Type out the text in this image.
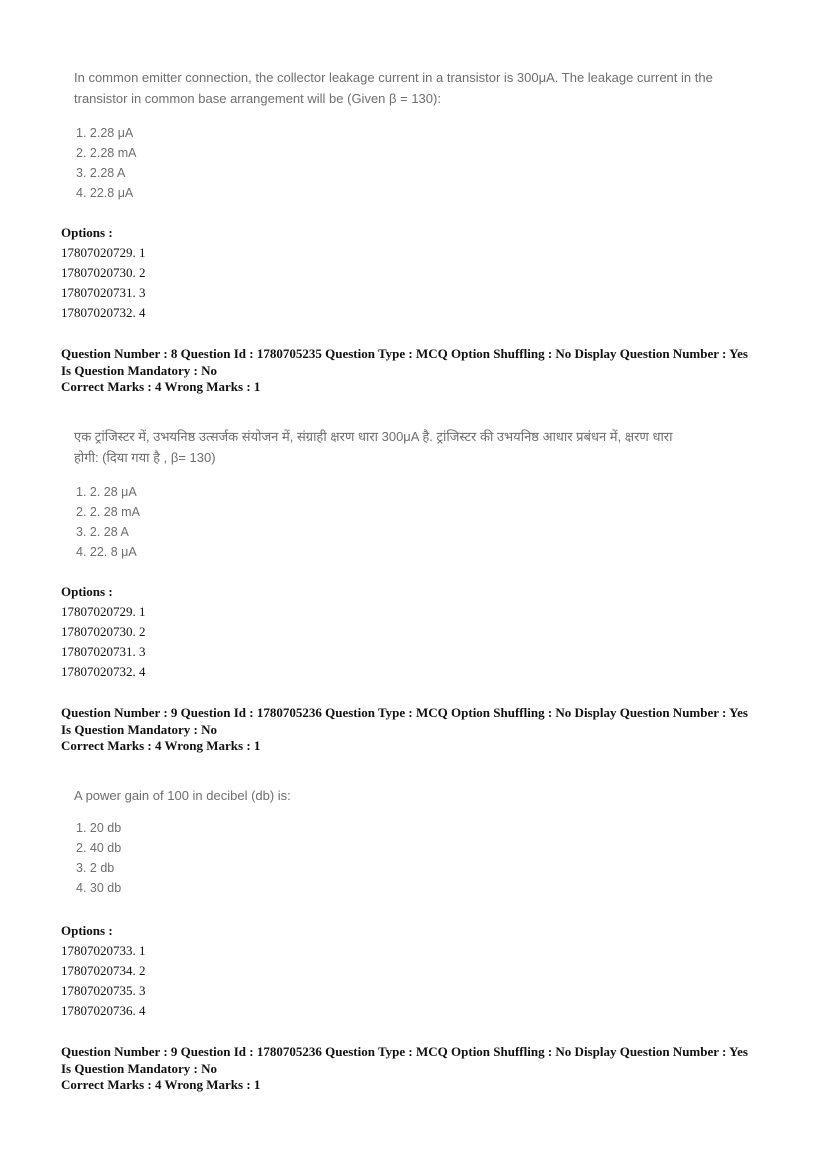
In common emitter connection, the collector leakage current in a transistor is 300μA. The leakage current in the
transistor in common base arrangement will be (Given β = 130):
1. 2.28 μA
2. 2.28 mA
3. 2.28 A
4. 22.8 μA
Options :
17807020729. 1
17807020730. 2
17807020731. 3
17807020732. 4
Question Number : 8 Question Id : 1780705235 Question Type : MCQ Option Shuffling : No Display Question Number : Yes
Is Question Mandatory : No
Correct Marks : 4 Wrong Marks : 1
एक ट्रांजिस्टर में, उभयनिष्ठ उत्सर्जक संयोजन में, संग्राही क्षरण धारा 300μA है. ट्रांजिस्टर की उभयनिष्ठ आधार प्रबंधन में, क्षरण धारा
होगी: (दिया गया है , β= 130)
1. 2. 28 μA
2. 2. 28 mA
3. 2. 28 A
4. 22. 8 μA
Options :
17807020729. 1
17807020730. 2
17807020731. 3
17807020732. 4
Question Number : 9 Question Id : 1780705236 Question Type : MCQ Option Shuffling : No Display Question Number : Yes
Is Question Mandatory : No
Correct Marks : 4 Wrong Marks : 1
A power gain of 100 in decibel (db) is:
1. 20 db
2. 40 db
3. 2 db
4. 30 db
Options :
17807020733. 1
17807020734. 2
17807020735. 3
17807020736. 4
Question Number : 9 Question Id : 1780705236 Question Type : MCQ Option Shuffling : No Display Question Number : Yes
Is Question Mandatory : No
Correct Marks : 4 Wrong Marks : 1
